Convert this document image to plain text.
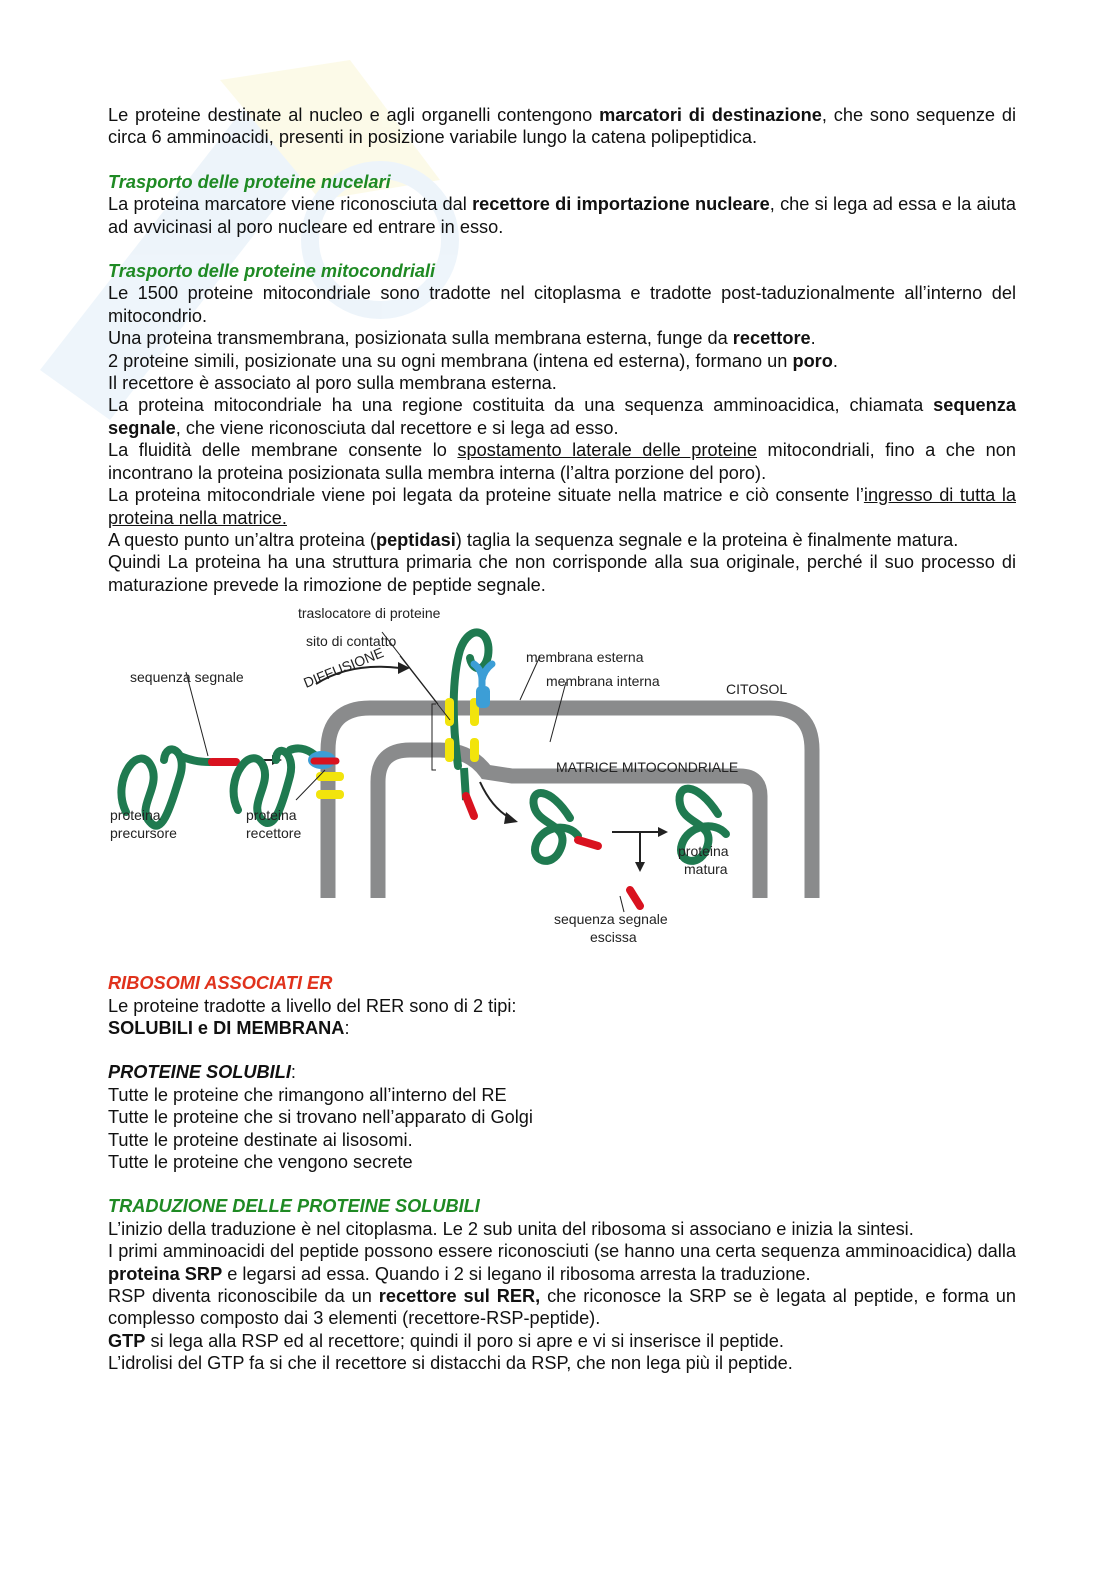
Le proteine destinate al nucleo e agli organelli contengono marcatori di destinazione, che sono sequenze di circa 6 amminoacidi, presenti in posizione variabile lungo la catena polipeptidica.

Trasporto delle proteine nucelari

La proteina marcatore viene riconosciuta dal recettore di importazione nucleare, che si lega ad essa e la aiuta ad avvicinasi al poro nucleare ed entrare in esso.

Trasporto delle proteine mitocondriali

Le 1500 proteine mitocondriale sono tradotte nel citoplasma e tradotte post-taduzionalmente all’interno del mitocondrio.

Una proteina transmembrana, posizionata sulla membrana esterna, funge da recettore.

2 proteine simili, posizionate una su ogni membrana (intena ed esterna), formano un poro.

Il recettore è associato al poro sulla membrana esterna.

La proteina mitocondriale ha una regione costituita da una sequenza amminoacidica, chiamata sequenza segnale, che viene riconosciuta dal recettore e si lega ad esso.

La fluidità delle membrane consente lo spostamento laterale delle proteine mitocondriali, fino a che non incontrano la proteina posizionata sulla membra interna (l’altra porzione del poro).

La proteina mitocondriale viene poi legata da proteine situate nella matrice e ciò consente l’ingresso di tutta la proteina nella matrice.

A questo punto un’altra proteina (peptidasi) taglia la sequenza segnale e la proteina è finalmente matura.

Quindi La proteina ha una struttura primaria che non corrisponde alla sua originale, perché il suo processo di maturazione prevede la rimozione de peptide segnale.

DIFFUSIONE
traslocatore di proteine
sito di contatto
sequenza segnale
membrana esterna
membrana interna	CITOSOL
MATRICE MITOCONDRIALE
proteina
precursore
proteina
recettore
proteina
matura
sequenza segnale
escissa

RIBOSOMI ASSOCIATI ER

Le proteine tradotte a livello del RER sono di 2 tipi:

SOLUBILI e DI MEMBRANA:

PROTEINE SOLUBILI:

Tutte le proteine che rimangono all’interno del RE

Tutte le proteine che si trovano nell’apparato di Golgi

Tutte le proteine destinate ai lisosomi.

Tutte le proteine che vengono secrete

TRADUZIONE DELLE PROTEINE SOLUBILI

L’inizio della traduzione è nel citoplasma. Le 2 sub unita del ribosoma si associano e inizia la sintesi.

I primi amminoacidi del peptide possono essere riconosciuti (se hanno una certa sequenza amminoacidica) dalla proteina SRP e legarsi ad essa. Quando i 2 si legano il ribosoma arresta la traduzione.

RSP diventa riconoscibile da un recettore sul RER, che riconosce la SRP se è legata al peptide, e forma un complesso composto dai 3 elementi (recettore-RSP-peptide).

GTP si lega alla RSP ed al recettore; quindi il poro si apre e vi si inserisce il peptide.

L’idrolisi del GTP fa si che il recettore si distacchi da RSP, che non lega più il peptide.
